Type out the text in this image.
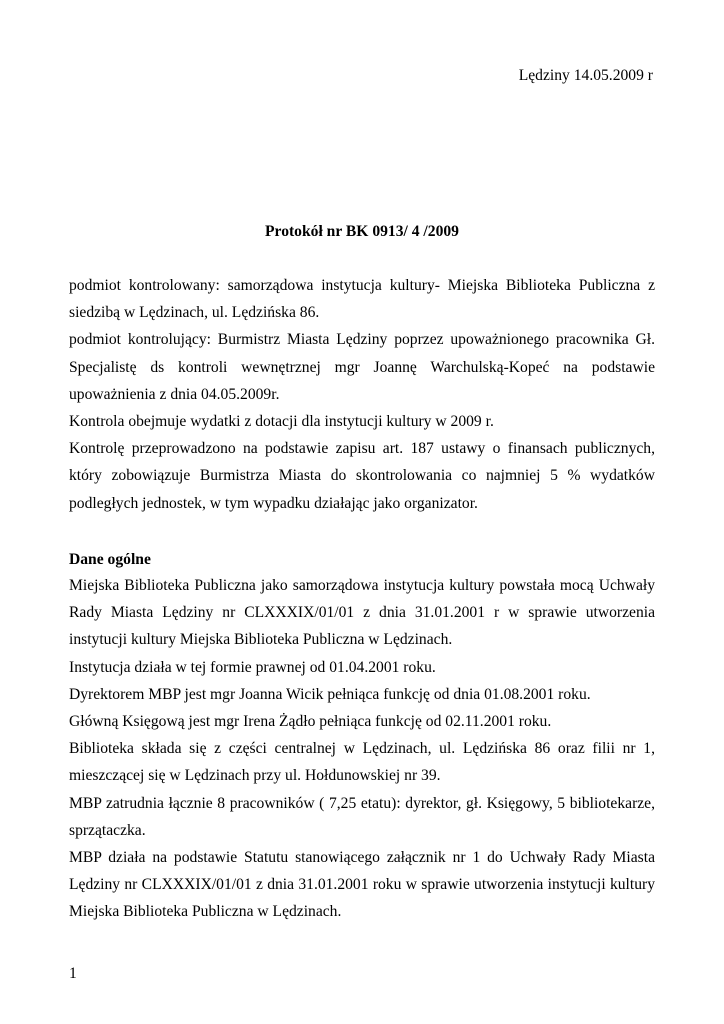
Lędziny 14.05.2009 r

Protokół nr BK 0913/ 4 /2009

podmiot kontrolowany: samorządowa instytucja kultury- Miejska Biblioteka Publiczna z siedzibą w Lędzinach, ul. Lędzińska 86.

podmiot kontrolujący: Burmistrz Miasta Lędziny poprzez upoważnionego pracownika Gł. Specjalistę ds kontroli wewnętrznej mgr Joannę Warchulską-Kopeć na podstawie upoważnienia z dnia 04.05.2009r.

Kontrola obejmuje wydatki z dotacji dla instytucji kultury w 2009 r.

Kontrolę przeprowadzono na podstawie zapisu art. 187 ustawy o finansach publicznych, który zobowiązuje Burmistrza Miasta do skontrolowania co najmniej 5 % wydatków podległych jednostek, w tym wypadku działając jako organizator.

Dane ogólne

Miejska Biblioteka Publiczna jako samorządowa instytucja kultury powstała mocą Uchwały Rady Miasta Lędziny nr CLXXXIX/01/01 z dnia 31.01.2001 r w sprawie utworzenia instytucji kultury Miejska Biblioteka Publiczna w Lędzinach.

Instytucja działa w tej formie prawnej od 01.04.2001 roku.

Dyrektorem MBP jest mgr Joanna Wicik pełniąca funkcję od dnia 01.08.2001 roku.

Główną Księgową jest mgr Irena Żądło pełniąca funkcję od 02.11.2001 roku.

Biblioteka składa się z części centralnej w Lędzinach, ul. Lędzińska 86 oraz filii nr 1, mieszczącej się w Lędzinach przy ul. Hołdunowskiej nr 39.

MBP zatrudnia łącznie 8 pracowników ( 7,25 etatu): dyrektor, gł. Księgowy, 5 bibliotekarze, sprzątaczka.

MBP działa na podstawie Statutu stanowiącego załącznik nr 1 do Uchwały Rady Miasta Lędziny nr CLXXXIX/01/01 z dnia 31.01.2001 roku w sprawie utworzenia instytucji kultury Miejska Biblioteka Publiczna w Lędzinach.

1
